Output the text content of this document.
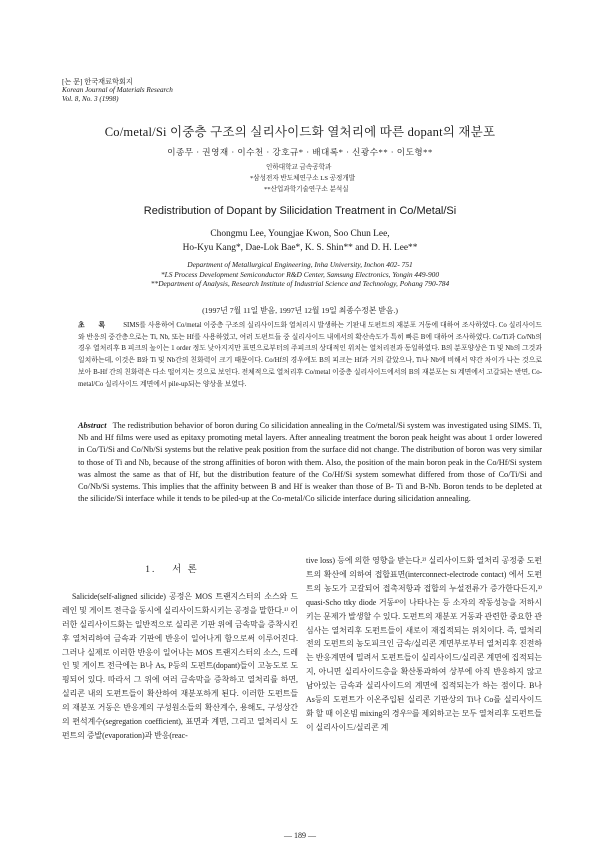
[논 문] 한국재료학회지
Korean Journal of Materials Research
Vol. 8, No. 3 (1998)
Co/metal/Si 이중층 구조의 실리사이드화 열처리에 따른 dopant의 재분포
이종무 · 권영재 · 이수천 · 강호규* · 배대록* · 신광수** · 이도형**
인하대학교 금속공학과
*삼성전자 반도체연구소 LS 공정개발
**산업과학기술연구소 분석실
Redistribution of Dopant by Silicidation Treatment in Co/Metal/Si
Chongmu Lee, Youngjae Kwon, Soo Chun Lee,
Ho-Kyu Kang*, Dae-Lok Bae*, K. S. Shin** and D. H. Lee**
Department of Metallurgical Engineering, Inha University, Inchon 402- 751
*LS Process Development Semiconductor R&D Center, Samsung Electronics, Yongin 449-900
**Department of Analysis, Research Institute of Industrial Science and Technology, Pohang 790-784
(1997년 7월 11일 받음, 1997년 12월 19일 최종수정본 받음.)
초 록 SIMS를 사용하여 Co/metal 이중층 구조의 실리사이드화 열처리시 발생하는 기판내 도펀트의 재분포 거동에 대하여 조사하였다. Co 실리사이드와 반응의 중간층으로는 Ti, Nb, 또는 Hf를 사용하였고, 여러 도펀트들 중 실리사이드 내에서의 확산속도가 특히 빠른 B에 대하여 조사하였다. Co/Ti과 Co/Nb의 경우 열처리후 B 피크의 높이는 1 order 정도 낮아지지만 표면으로부터의 주피크의 상대적인 위치는 열처리전과 동일하였다. B의 분포양상은 Ti 및 Nb의 그것과 일치하는데, 이것은 B와 Ti 및 Nb간의 친화력이 크기 때문이다. Co/Hf의 경우에도 B의 피크는 Hf과 거의 같았으나, Ti나 Nb에 비해서 약간 차이가 나는 것으로 보아 B-Hf 간의 친화력은 다소 떨어지는 것으로 보인다. 전체적으로 열처리후 Co/metal 이중층 실리사이드에서의 B의 재분포는 Si 계면에서 고갈되는 반면, Co-metal/Co 실리사이드 계면에서 pile-up되는 양상을 보였다.
Abstract The redistribution behavior of boron during Co silicidation annealing in the Co/metal/Si system was investigated using SIMS. Ti, Nb and Hf films were used as epitaxy promoting metal layers. After annealing treatment the boron peak height was about 1 order lowered in Co/Ti/Si and Co/Nb/Si systems but the relative peak position from the surface did not change. The distribution of boron was very similar to those of Ti and Nb, because of the strong affinities of boron with them. Also, the position of the main boron peak in the Co/Hf/Si system was almost the same as that of Hf, but the distribution feature of the Co/Hf/Si system somewhat differed from those of Co/Ti/Si and Co/Nb/Si systems. This implies that the affinity between B and Hf is weaker than those of B- Ti and B-Nb. Boron tends to be depleted at the silicide/Si interface while it tends to be piled-up at the Co-metal/Co silicide interface during silicidation annealing.
1. 서 론

Salicide(self-aligned silicide) 공정은 MOS 트랜지스터의 소스와 드레인 및 게이트 전극을 동시에 실리사이드화시키는 공정을 말한다.¹⁾ 이러한 실리사이드화는 일반적으로 실리콘 기판 위에 금속막을 증착시킨 후 열처리하여 금속과 기판에 반응이 일어나게 함으로써 이루어진다. 그러나 실제로 이러한 반응이 일어나는 MOS 트랜지스터의 소스, 드레인 및 게이트 전극에는 B나 As, P등의 도펀트(dopant)들이 고농도로 도핑되어 있다. 따라서 그 위에 여러 금속막을 증착하고 열처리를 하면, 실리콘 내의 도펀트들이 확산하여 재분포하게 된다. 이러한 도펀트들의 재분포 거동은 반응계의 구성원소들의 확산계수, 용해도, 구성상간의 편석계수(segregation coefficient), 표면과 계면, 그리고 열처리시 도펀트의 증발(evaporation)과 반응(reac-

tive loss) 등에 의한 영향을 받는다.²⁾ 실리사이드화 열처리 공정중 도펀트의 확산에 의하여 접합표면(interconnect-electrode contact) 에서 도펀트의 농도가 고갈되어 접촉저항과 접합의 누설전류가 증가한다든지,³⁾ quasi-Scho ttky diode 거동⁴⁾이 나타나는 등 소자의 작동성능을 저하시키는 문제가 발생할 수 있다. 도펀트의 재분포 거동과 관련한 중요한 관심사는 열처리후 도펀트들이 새로이 재집적되는 위치이다. 즉, 열처리전의 도펀트의 농도피크인 금속/실리콘 계면부로부터 열처리후 진전하는 반응계면에 밀려서 도펀트들이 실리사이드/실리콘 계면에 집적되는지, 아니면 실리사이드층을 확산통과하여 상부에 아직 반응하지 않고 남아있는 금속과 실리사이드의 계면에 집적되는가 하는 점이다. B나 As등의 도펀트가 이온주입된 실리콘 기판상의 Ti나 Co를 실리사이드화 할 때 이온빔 mixing의 경우⁵⁾를 제외하고는 모두 열처리후 도펀트들이 실리사이드/실리콘 계

— 189 —
